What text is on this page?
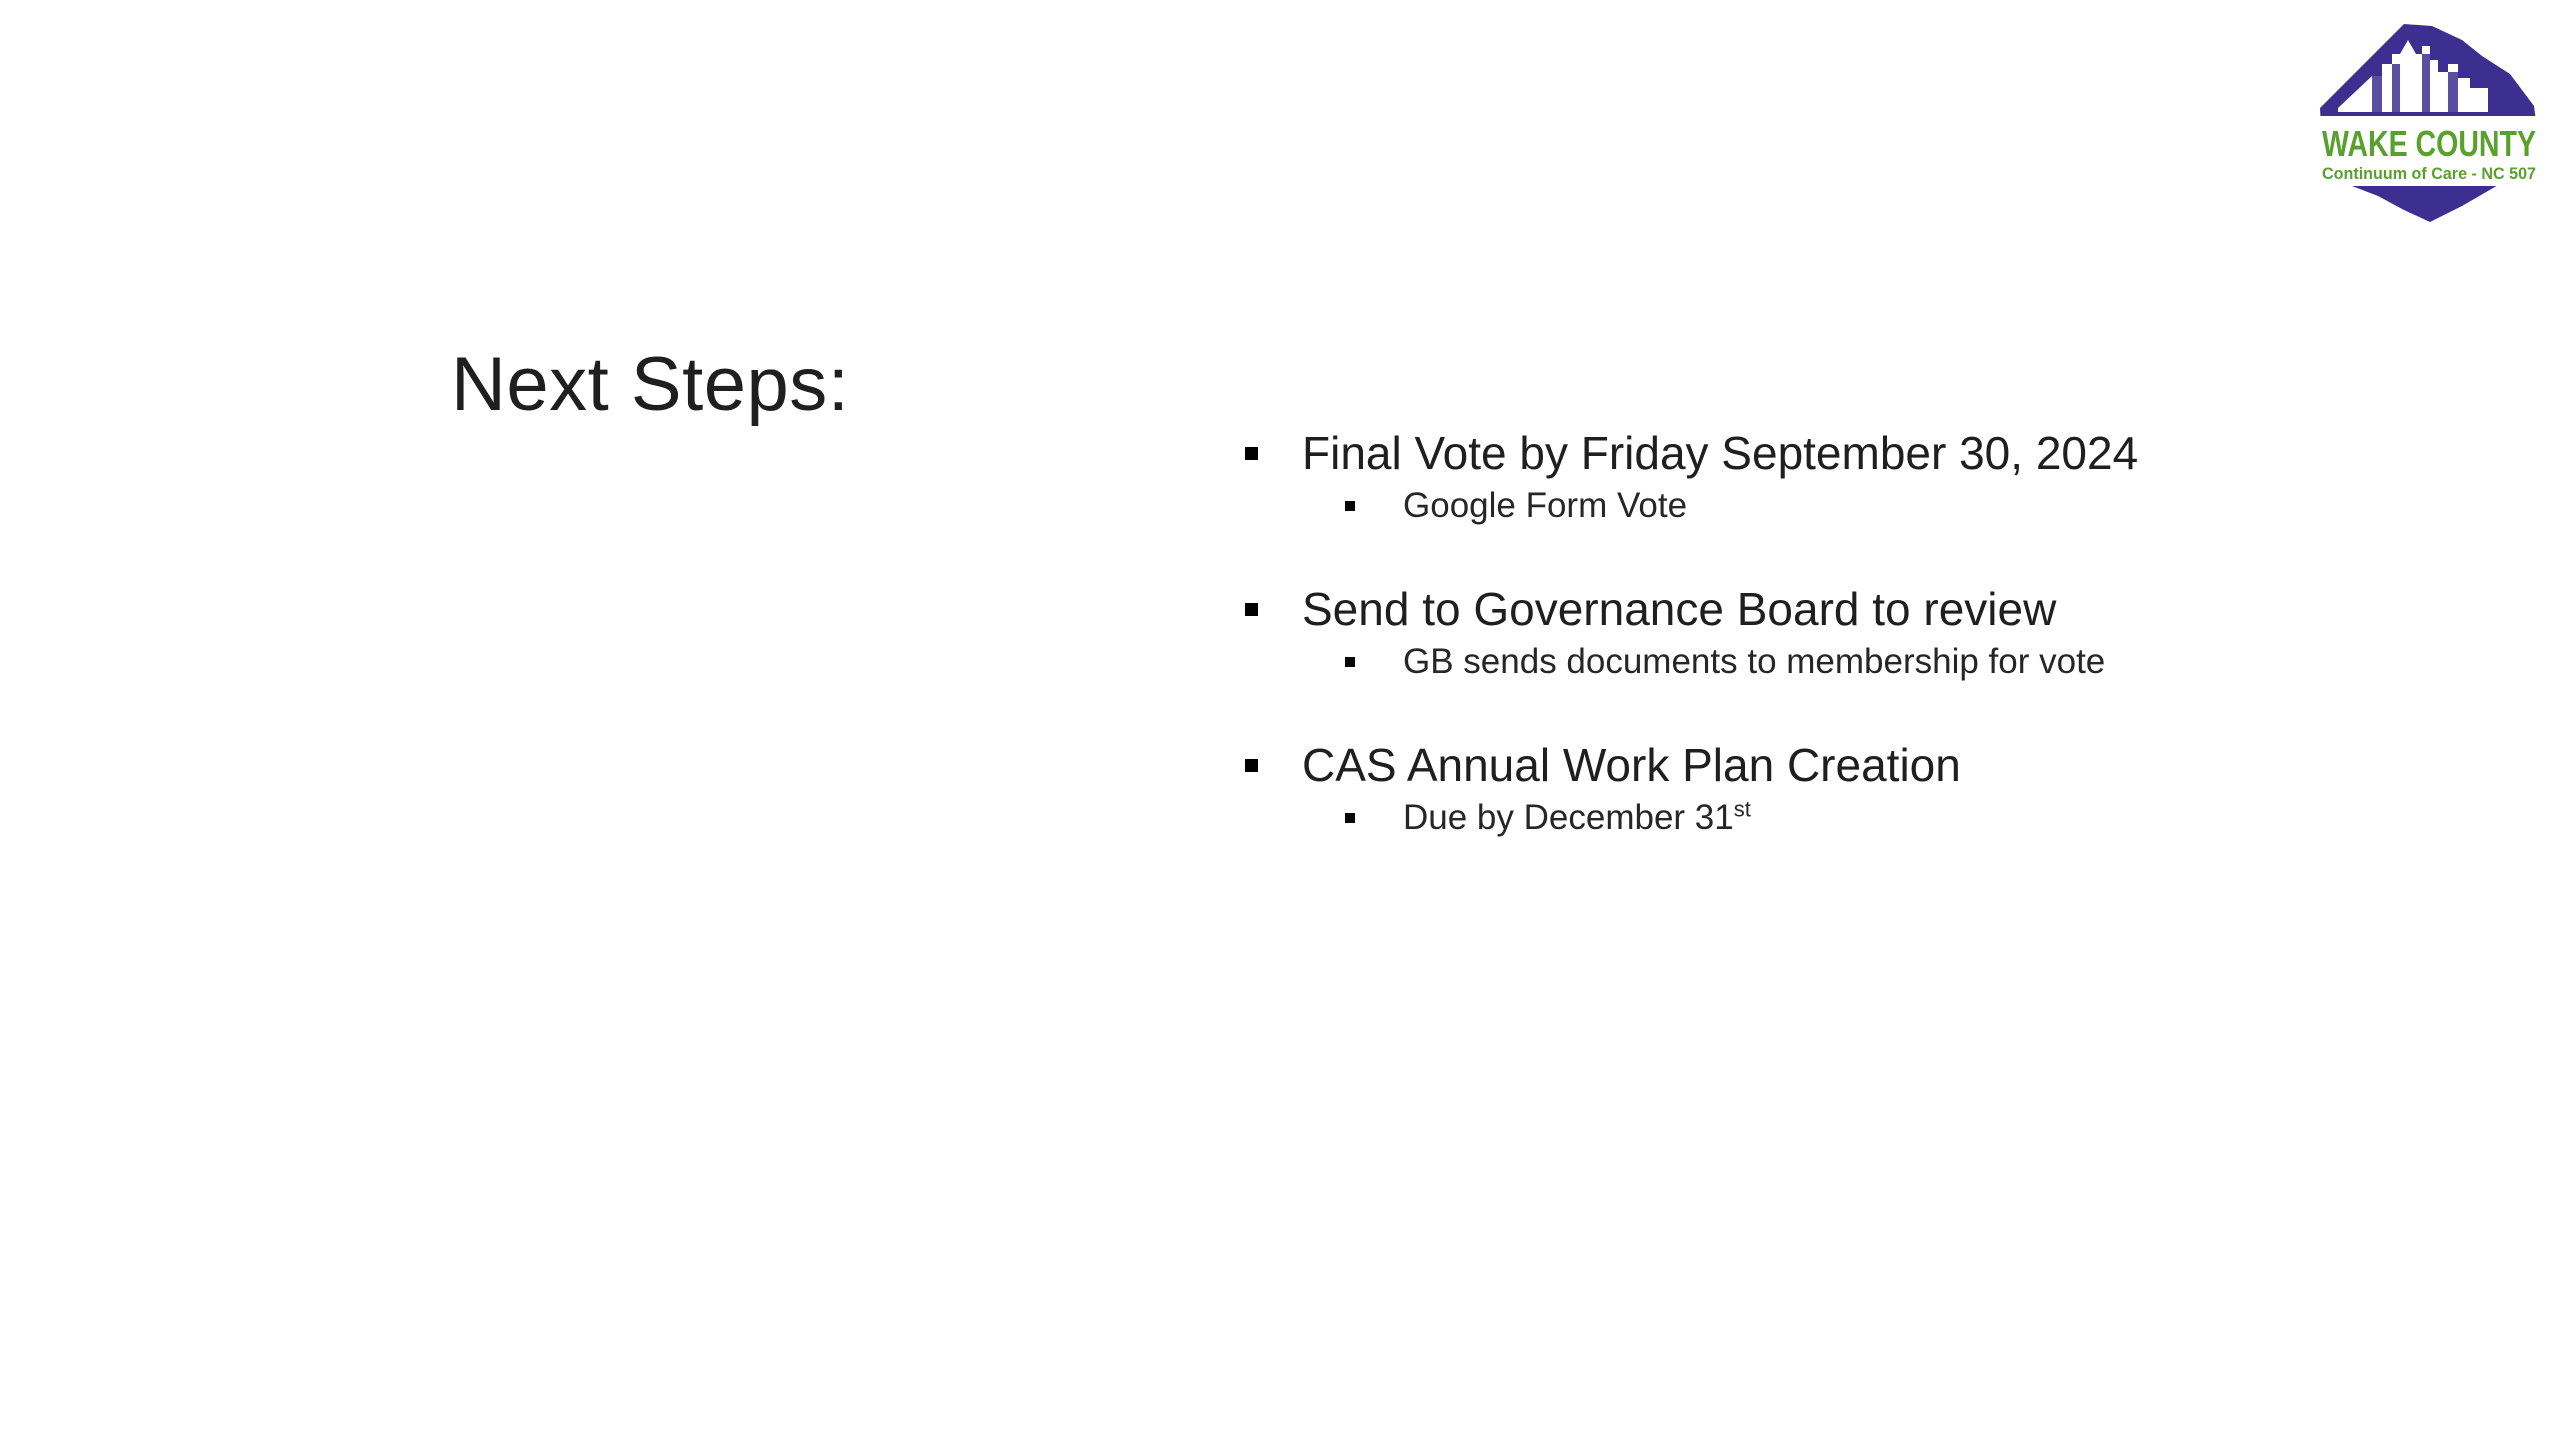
Next Steps:
Final Vote by Friday September 30, 2024
Google Form Vote
Send to Governance Board to review
GB sends documents to membership for vote
CAS Annual Work Plan Creation
Due by December 31st
WAKE COUNTY
Continuum of Care - NC 507
